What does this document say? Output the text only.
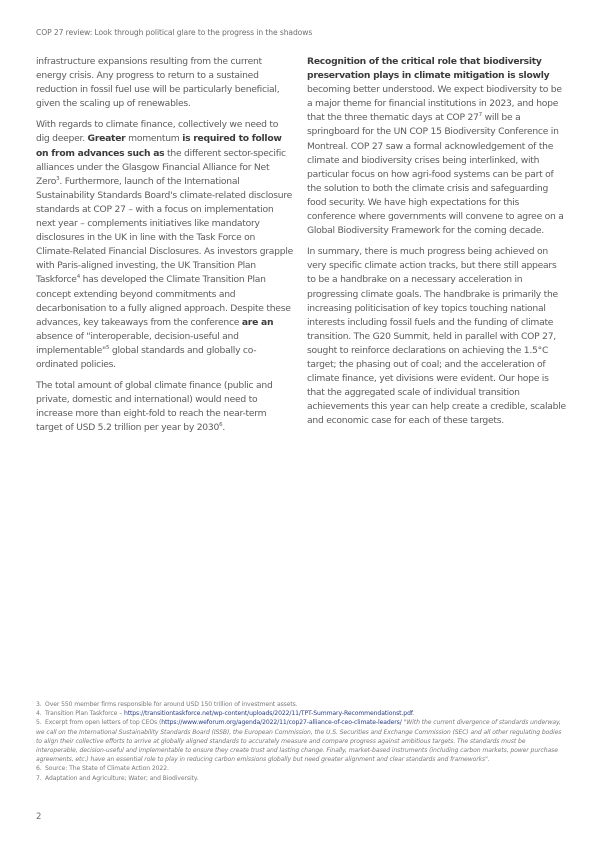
COP 27 review: Look through political glare to the progress in the shadows

infrastructure expansions resulting from the current energy crisis. Any progress to return to a sustained reduction in fossil fuel use will be particularly beneficial, given the scaling up of renewables.

With regards to climate finance, collectively we need to dig deeper. Greater momentum is required to follow on from advances such as the different sector-specific alliances under the Glasgow Financial Alliance for Net Zero$^3$. Furthermore, launch of the International Sustainability Standards Board's climate-related disclosure standards at COP 27 – with a focus on implementation next year – complements initiatives like mandatory disclosures in the UK in line with the Task Force on Climate-Related Financial Disclosures. As investors grapple with Paris-aligned investing, the UK Transition Plan Taskforce$^4$ has developed the Climate Transition Plan concept extending beyond commitments and decarbonisation to a fully aligned approach. Despite these advances, key takeaways from the conference are an absence of "interoperable, decision-useful and implementable"$^5$ global standards and globally co-ordinated policies.

The total amount of global climate finance (public and private, domestic and international) would need to increase more than eight-fold to reach the near-term target of USD 5.2 trillion per year by 2030$^6$.

Recognition of the critical role that biodiversity preservation plays in climate mitigation is slowly becoming better understood. We expect biodiversity to be a major theme for financial institutions in 2023, and hope that the three thematic days at COP $27^7$ will be a springboard for the UN COP 15 Biodiversity Conference in Montreal. COP 27 saw a formal acknowledgement of the climate and biodiversity crises being interlinked, with particular focus on how agri-food systems can be part of the solution to both the climate crisis and safeguarding food security. We have high expectations for this conference where governments will convene to agree on a Global Biodiversity Framework for the coming decade.

In summary, there is much progress being achieved on very specific climate action tracks, but there still appears to be a handbrake on a necessary acceleration in progressing climate goals. The handbrake is primarily the increasing politicisation of key topics touching national interests including fossil fuels and the funding of climate transition. The G20 Summit, held in parallel with COP 27, sought to reinforce declarations on achieving the 1.5°C target; the phasing out of coal; and the acceleration of climate finance, yet divisions were evident. Our hope is that the aggregated scale of individual transition achievements this year can help create a credible, scalable and economic case for each of these targets.

3. Over 550 member firms responsible for around USD 150 trillion of investment assets.

4. Transition Plan Taskforce – https://transitiontaskforce.net/wp-content/uploads/2022/11/TPT-Summary-Recommendationst.pdf.

5. Excerpt from open letters of top CEOs (https://www.weforum.org/agenda/2022/11/cop27-alliance-of-ceo-climate-leaders/ "With the current divergence of standards underway, we call on the International Sustainability Standards Board (ISSB), the European Commission, the U.S. Securities and Exchange Commission (SEC) and all other regulating bodies to align their collective efforts to arrive at globally aligned standards to accurately measure and compare progress against ambitious targets. The standards must be interoperable, decision-useful and implementable to ensure they create trust and lasting change. Finally, market-based instruments (including carbon markets, power purchase agreements, etc.) have an essential role to play in reducing carbon emissions globally but need greater alignment and clear standards and frameworks".

6. Source: The State of Climate Action 2022.

7. Adaptation and Agriculture; Water; and Biodiversity.

2
